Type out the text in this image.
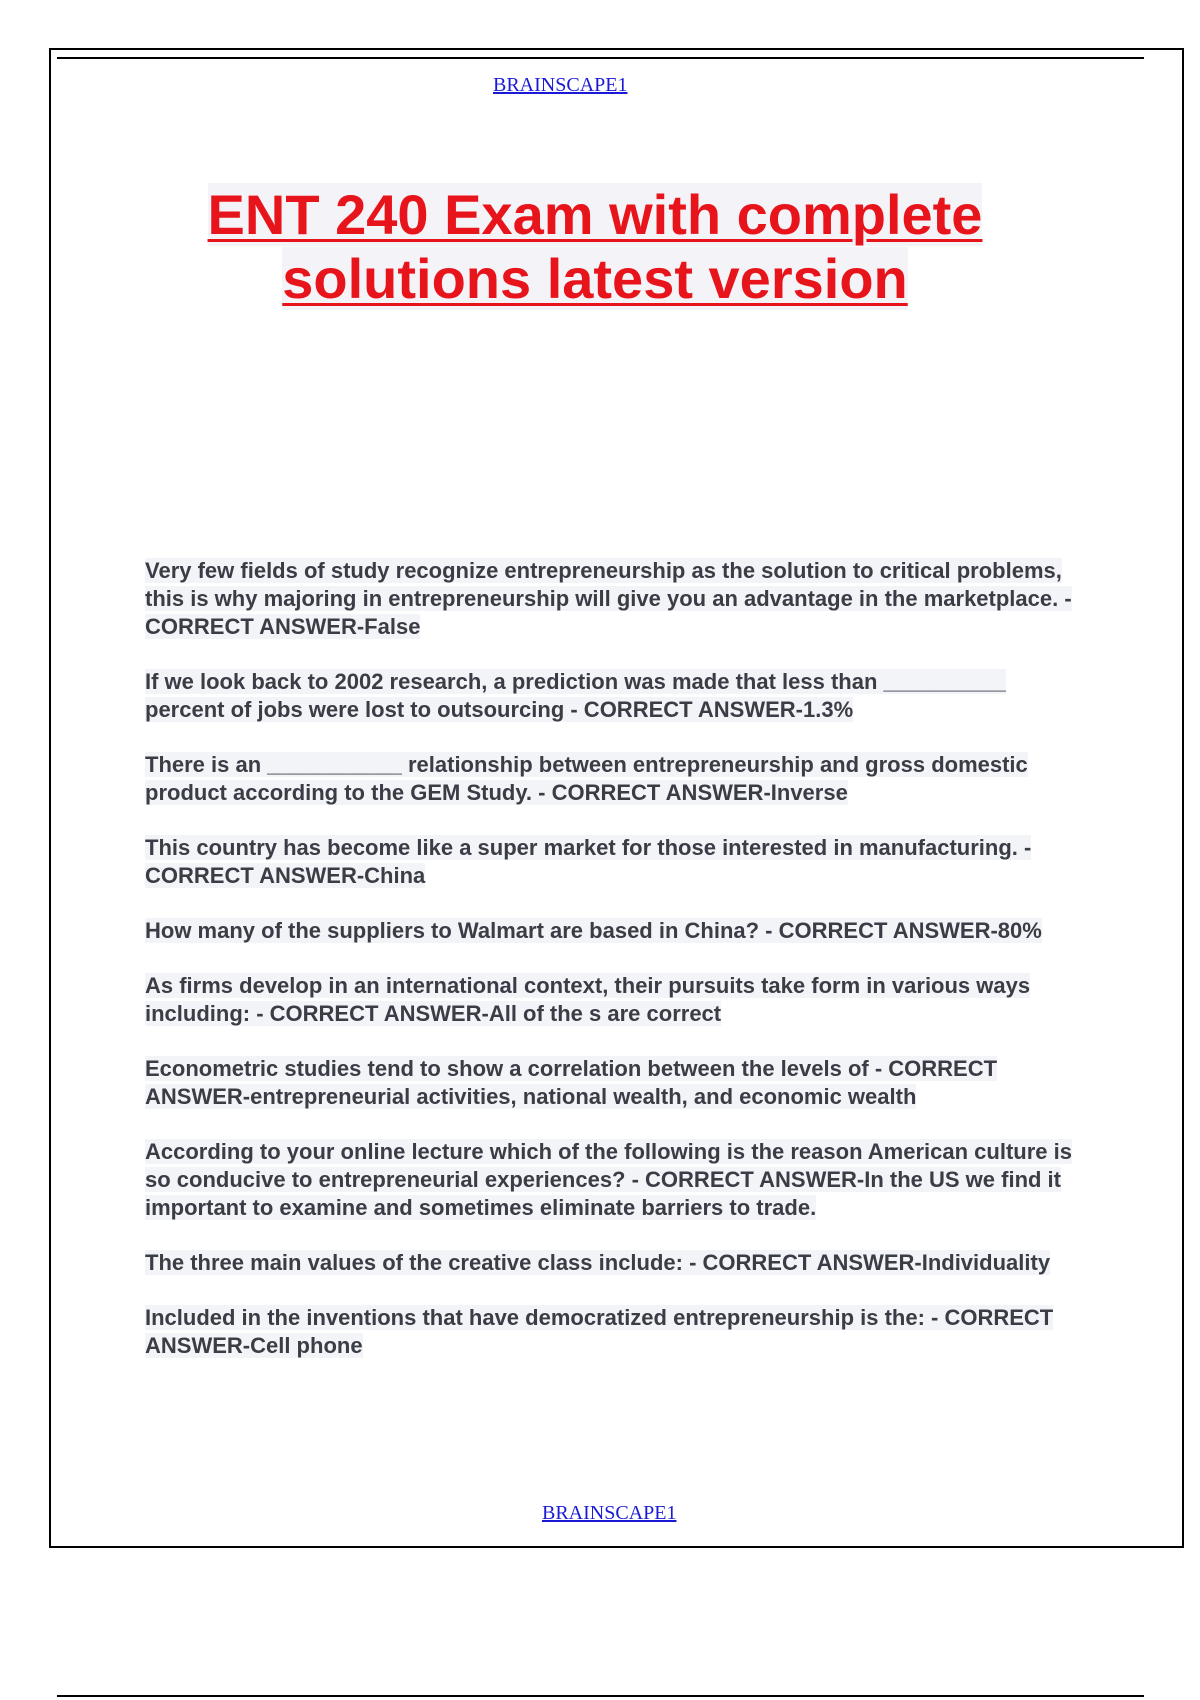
BRAINSCAPE1
ENT 240 Exam with complete solutions latest version
Very few fields of study recognize entrepreneurship as the solution to critical problems, this is why majoring in entrepreneurship will give you an advantage in the marketplace. - CORRECT ANSWER-False
If we look back to 2002 research, a prediction was made that less than __________ percent of jobs were lost to outsourcing - CORRECT ANSWER-1.3%
There is an ___________ relationship between entrepreneurship and gross domestic product according to the GEM Study. - CORRECT ANSWER-Inverse
This country has become like a super market for those interested in manufacturing. - CORRECT ANSWER-China
How many of the suppliers to Walmart are based in China? - CORRECT ANSWER-80%
As firms develop in an international context, their pursuits take form in various ways including: - CORRECT ANSWER-All of the s are correct
Econometric studies tend to show a correlation between the levels of - CORRECT ANSWER-entrepreneurial activities, national wealth, and economic wealth
According to your online lecture which of the following is the reason American culture is so conducive to entrepreneurial experiences? - CORRECT ANSWER-In the US we find it important to examine and sometimes eliminate barriers to trade.
The three main values of the creative class include: - CORRECT ANSWER-Individuality
Included in the inventions that have democratized entrepreneurship is the: - CORRECT ANSWER-Cell phone
BRAINSCAPE1
